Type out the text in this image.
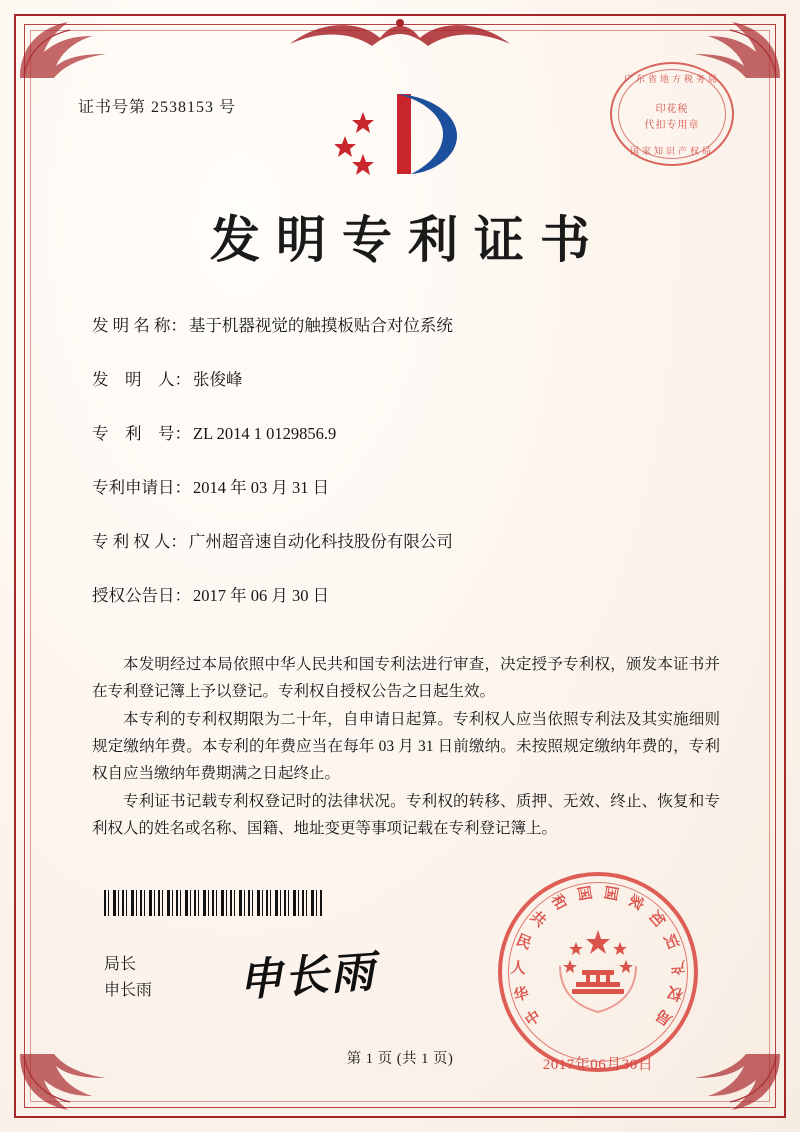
证书号第 2538153 号
广东省地方税务局
印花税
代扣专用章
国家知识产权局
发明专利证书
发 明 名 称： 基于机器视觉的触摸板贴合对位系统
发    明    人： 张俊峰
专    利    号： ZL 2014 1 0129856.9
专利申请日： 2014 年 03 月 31 日
专 利 权 人： 广州超音速自动化科技股份有限公司
授权公告日： 2017 年 06 月 30 日

本发明经过本局依照中华人民共和国专利法进行审查，决定授予专利权，颁发本证书并在专利登记簿上予以登记。专利权自授权公告之日起生效。

本专利的专利权期限为二十年，自申请日起算。专利权人应当依照专利法及其实施细则规定缴纳年费。本专利的年费应当在每年 03 月 31 日前缴纳。未按照规定缴纳年费的，专利权自应当缴纳年费期满之日起终止。

专利证书记载专利权登记时的法律状况。专利权的转移、质押、无效、终止、恢复和专利权人的姓名或名称、国籍、地址变更等事项记载在专利登记簿上。

局长
申长雨 申长雨
中
华
人
民
共
和 国 国 家
知
识
产
权
局
2017年06月30日
第 1 页 (共 1 页)
